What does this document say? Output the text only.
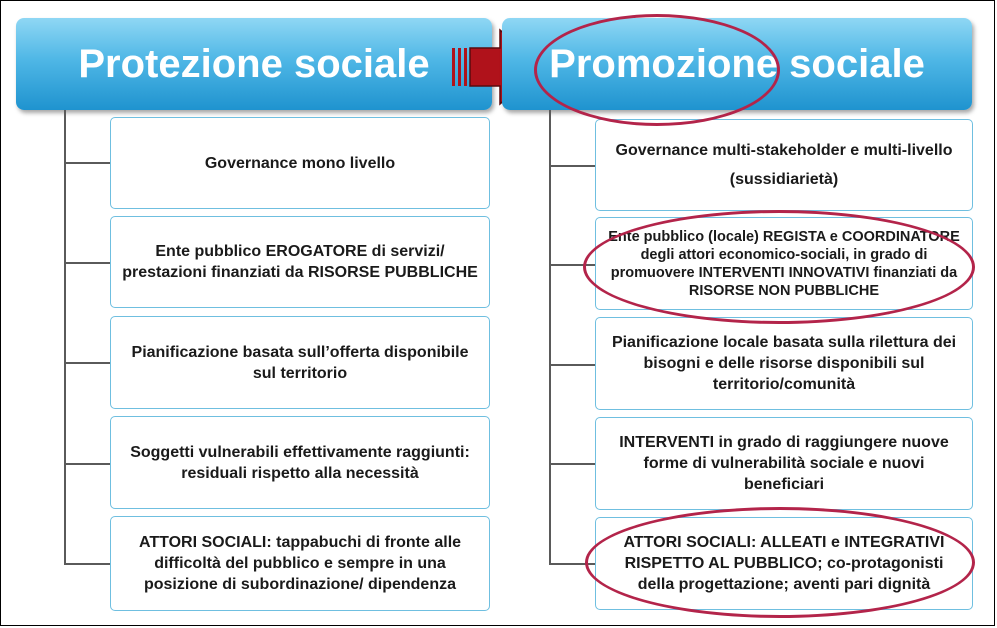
Protezione sociale	Promozione sociale
Governance mono livello
Ente pubblico EROGATORE di servizi/ prestazioni finanziati da RISORSE PUBBLICHE
Pianificazione basata sull’offerta disponibile sul territorio
Soggetti vulnerabili effettivamente raggiunti: residuali rispetto alla necessità
ATTORI SOCIALI: tappabuchi di fronte alle difficoltà del pubblico e sempre in una posizione di subordinazione/ dipendenza
Governance multi-stakeholder e multi-livello (sussidiarietà)
Ente pubblico (locale) REGISTA e COORDINATORE degli attori economico-sociali, in grado di promuovere INTERVENTI INNOVATIVI finanziati da RISORSE NON PUBBLICHE
Pianificazione locale basata sulla rilettura dei bisogni e delle risorse disponibili sul territorio/comunità
INTERVENTI in grado di raggiungere nuove forme di vulnerabilità sociale e nuovi beneficiari
ATTORI SOCIALI: ALLEATI e INTEGRATIVI RISPETTO AL PUBBLICO; co-protagonisti della progettazione; aventi pari dignità
